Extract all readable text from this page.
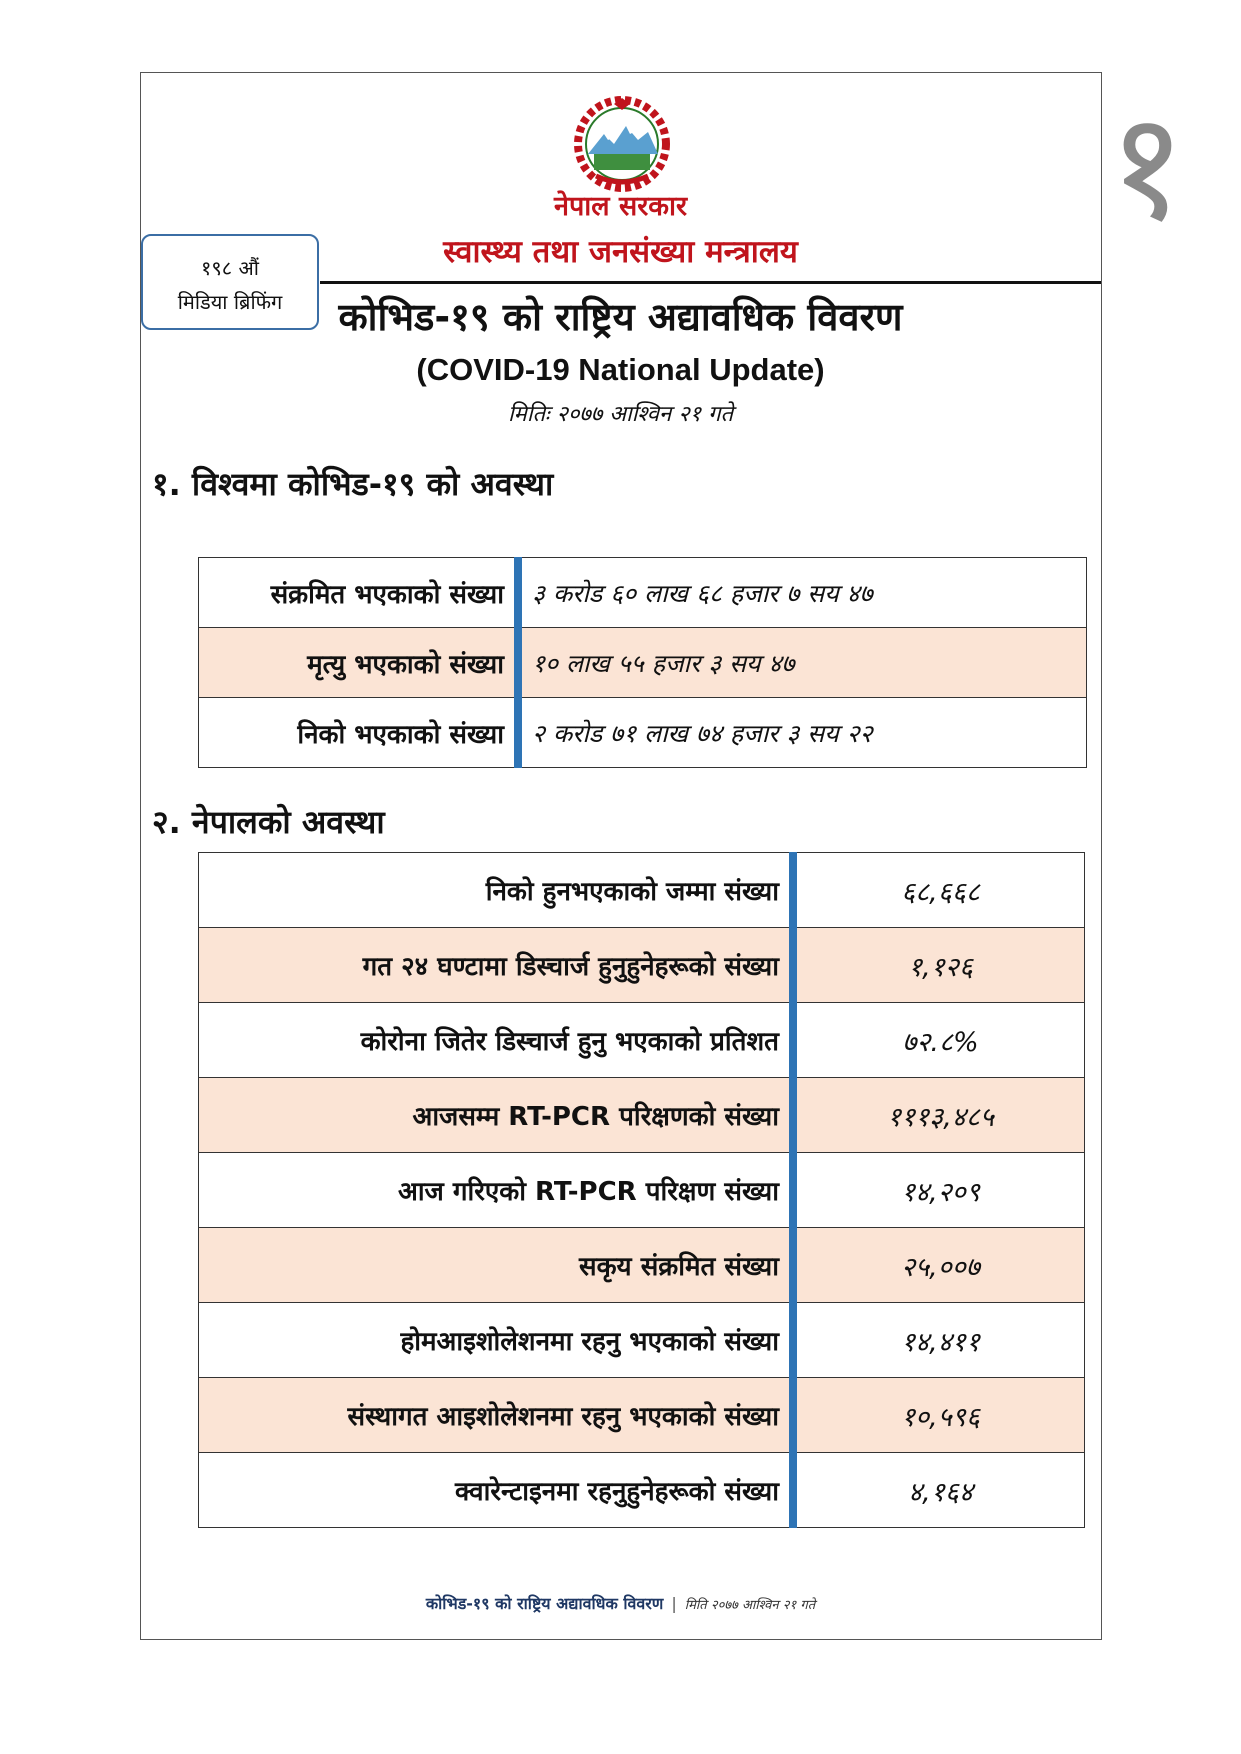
१
नेपाल सरकार
स्वास्थ्य तथा जनसंख्या मन्त्रालय
१९८ औं
मिडिया ब्रिफिंग	कोभिड-१९ को राष्ट्रिय अद्यावधिक विवरण
(COVID-19 National Update)
मितिः २०७७ आश्विन २१ गते
१. विश्वमा कोभिड-१९ को अवस्था
संक्रमित भएकाको संख्या	३ करोड ६० लाख ६८ हजार ७ सय ४७
मृत्यु भएकाको संख्या	१० लाख ५५ हजार ३ सय ४७
निको भएकाको संख्या	२ करोड ७१ लाख ७४ हजार ३ सय २२
२. नेपालको अवस्था
निको हुनभएकाको जम्मा संख्या	६८,६६८
गत २४ घण्टामा डिस्चार्ज हुनुहुनेहरूको संख्या	१,१२६
कोरोना जितेर डिस्चार्ज हुनु भएकाको प्रतिशत	७२.८%
आजसम्म RT-PCR परिक्षणको संख्या	१११३,४८५
आज गरिएको RT-PCR परिक्षण संख्या	१४,२०९
सकृय संक्रमित संख्या	२५,००७
होमआइशोलेशनमा रहनु भएकाको संख्या	१४,४११
संस्थागत आइशोलेशनमा रहनु भएकाको संख्या	१०,५९६
क्वारेन्टाइनमा रहनुहुनेहरूको संख्या	४,१६४
कोभिड-१९ को राष्ट्रिय अद्यावधिक विवरण | मिति २०७७ आश्विन २१ गते
